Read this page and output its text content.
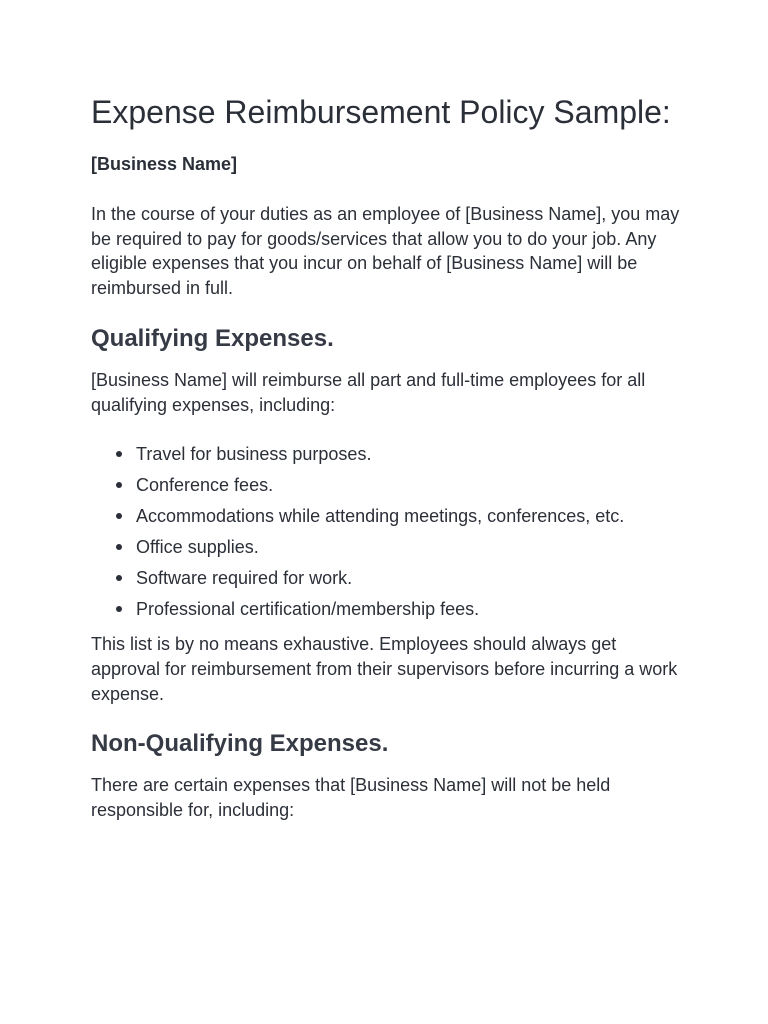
Expense Reimbursement Policy Sample:

[Business Name]

In the course of your duties as an employee of [Business Name], you may be required to pay for goods/services that allow you to do your job. Any eligible expenses that you incur on behalf of [Business Name] will be reimbursed in full.

Qualifying Expenses.

[Business Name] will reimburse all part and full-time employees for all qualifying expenses, including:

Travel for business purposes.
Conference fees.
Accommodations while attending meetings, conferences, etc.
Office supplies.
Software required for work.
Professional certification/membership fees.

This list is by no means exhaustive. Employees should always get approval for reimbursement from their supervisors before incurring a work expense.

Non-Qualifying Expenses.

There are certain expenses that [Business Name] will not be held responsible for, including:
